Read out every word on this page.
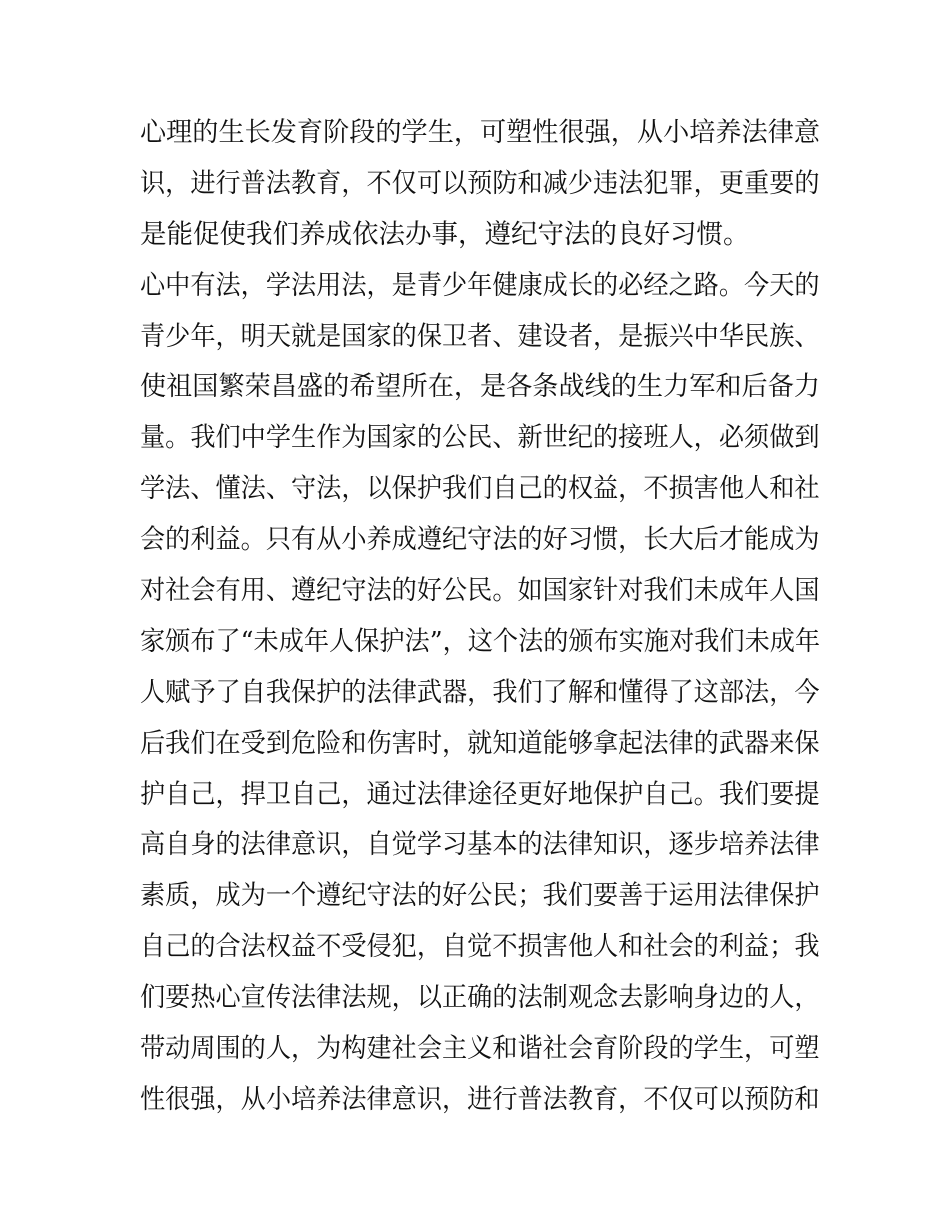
心理的生长发育阶段的学生，可塑性很强，从小培养法律意
识，进行普法教育，不仅可以预防和减少违法犯罪，更重要的
是能促使我们养成依法办事，遵纪守法的良好习惯。
心中有法，学法用法，是青少年健康成长的必经之路。今天的
青少年，明天就是国家的保卫者、建设者，是振兴中华民族、
使祖国繁荣昌盛的希望所在，是各条战线的生力军和后备力
量。我们中学生作为国家的公民、新世纪的接班人，必须做到
学法、懂法、守法，以保护我们自己的权益，不损害他人和社
会的利益。只有从小养成遵纪守法的好习惯，长大后才能成为
对社会有用、遵纪守法的好公民。如国家针对我们未成年人国
家颁布了“未成年人保护法”，这个法的颁布实施对我们未成年
人赋予了自我保护的法律武器，我们了解和懂得了这部法，今
后我们在受到危险和伤害时，就知道能够拿起法律的武器来保
护自己，捍卫自己，通过法律途径更好地保护自己。我们要提
高自身的法律意识，自觉学习基本的法律知识，逐步培养法律
素质，成为一个遵纪守法的好公民；我们要善于运用法律保护
自己的合法权益不受侵犯，自觉不损害他人和社会的利益；我
们要热心宣传法律法规，以正确的法制观念去影响身边的人，
带动周围的人，为构建社会主义和谐社会育阶段的学生，可塑
性很强，从小培养法律意识，进行普法教育，不仅可以预防和
